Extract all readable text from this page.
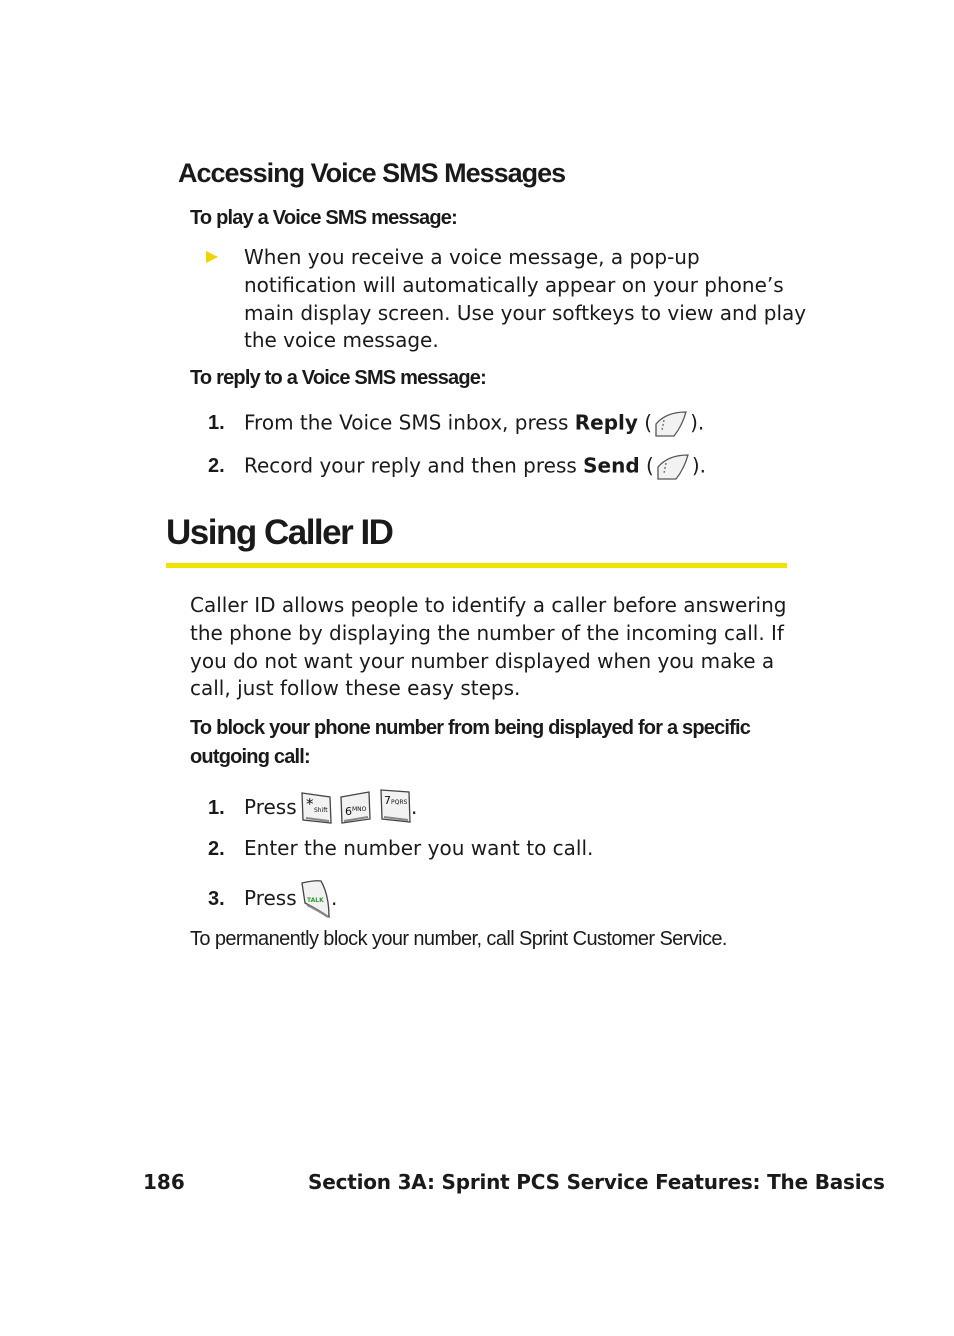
Accessing Voice SMS Messages
To play a Voice SMS message:
When you receive a voice message, a pop-up
notification will automatically appear on your phone’s
main display screen. Use your softkeys to view and play
the voice message.
To reply to a Voice SMS message:
1. From the Voice SMS inbox, press Reply ( ).
2. Record your reply and then press Send ( ).
Using Caller ID
Caller ID allows people to identify a caller before answering
the phone by displaying the number of the incoming call. If
you do not want your number displayed when you make a
call, just follow these easy steps.
To block your phone number from being displayed for a specific
outgoing call:
1. Press * Shift 6 MNO
7 PQRS .
2. Enter the number you want to call.
3. Press TALK .
To permanently block your number, call Sprint Customer Service.
186	Section 3A: Sprint PCS Service Features: The Basics
